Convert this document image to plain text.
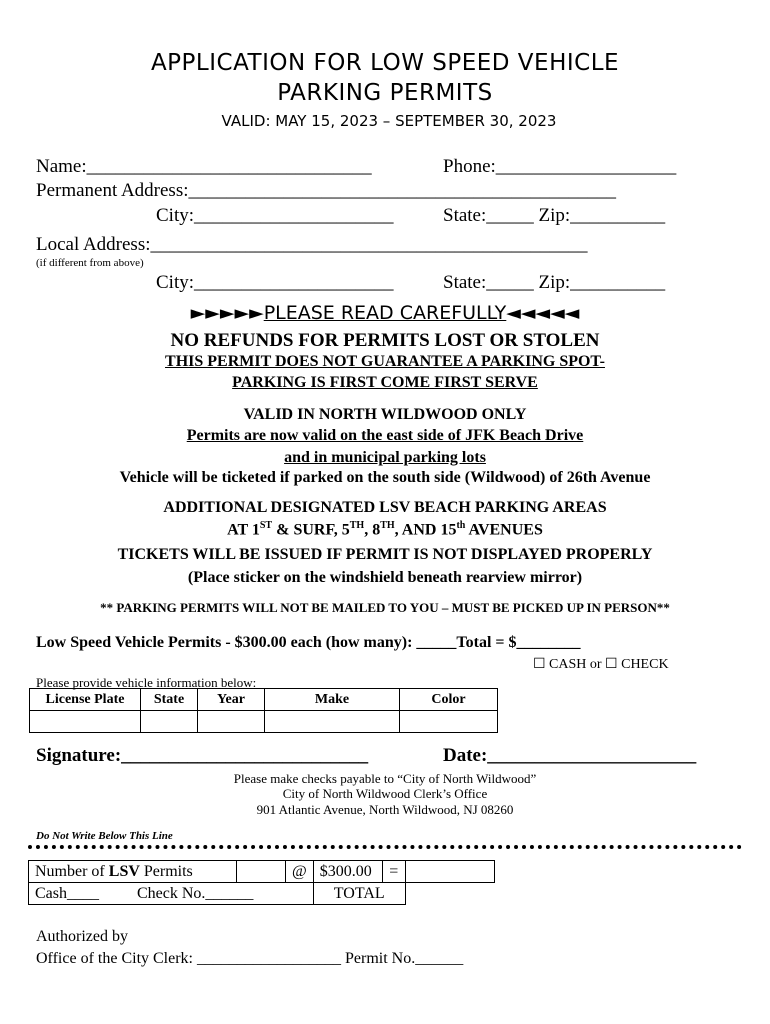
APPLICATION FOR LOW SPEED VEHICLE
PARKING PERMITS
VALID: MAY 15, 2023 – SEPTEMBER 30, 2023
Name:______________________________	Phone:___________________
Permanent Address:_____________________________________________
City:_____________________	State:_____ Zip:__________
Local Address:______________________________________________
(if different from above)
City:_____________________	State:_____ Zip:__________
►►►►►PLEASE READ CAREFULLY◄◄◄◄◄
NO REFUNDS FOR PERMITS LOST OR STOLEN
THIS PERMIT DOES NOT GUARANTEE A PARKING SPOT-
PARKING IS FIRST COME FIRST SERVE
VALID IN NORTH WILDWOOD ONLY
Permits are now valid on the east side of JFK Beach Drive
and in municipal parking lots
Vehicle will be ticketed if parked on the south side (Wildwood) of 26th Avenue
ADDITIONAL DESIGNATED LSV BEACH PARKING AREAS
AT 1ST & SURF, 5TH, 8TH, AND 15th AVENUES
TICKETS WILL BE ISSUED IF PERMIT IS NOT DISPLAYED PROPERLY
(Place sticker on the windshield beneath rearview mirror)
** PARKING PERMITS WILL NOT BE MAILED TO YOU – MUST BE PICKED UP IN PERSON**
Low Speed Vehicle Permits - $300.00 each (how many): _____Total = $________
☐ CASH or ☐ CHECK
Please provide vehicle information below:
License Plate	State	Year	Make	Color

Signature:__________________________	Date:______________________
Please make checks payable to “City of North Wildwood”
City of North Wildwood Clerk’s Office
901 Atlantic Avenue, North Wildwood, NJ 08260
Do Not Write Below This Line
Number of LSV Permits		@	$300.00	=	
Cash____ Check No.______			TOTAL		
Authorized by
Office of the City Clerk: __________________ Permit No.______
